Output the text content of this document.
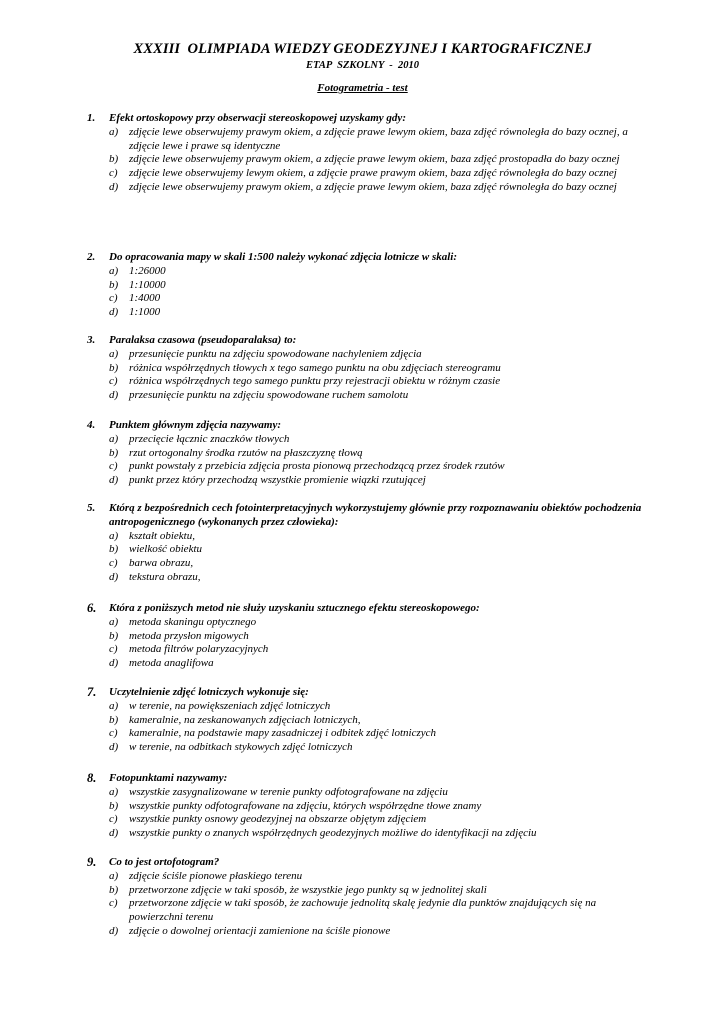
XXXIII  OLIMPIADA WIEDZY GEODEZYJNEJ I KARTOGRAFICZNEJ
ETAP  SZKOLNY  -  2010
Fotogrametria - test
1. Efekt ortoskopowy przy obserwacji stereoskopowej uzyskamy gdy:
a) zdjęcie lewe obserwujemy prawym okiem, a zdjęcie prawe lewym okiem, baza zdjęć równoległa do bazy ocznej, a zdjęcie lewe i prawe są identyczne
b) zdjęcie lewe obserwujemy prawym okiem, a zdjęcie prawe lewym okiem, baza zdjęć prostopadła do bazy ocznej
c) zdjęcie lewe obserwujemy lewym okiem, a zdjęcie prawe prawym okiem, baza zdjęć równoległa do bazy ocznej
d) zdjęcie lewe obserwujemy prawym okiem, a zdjęcie prawe lewym okiem, baza zdjęć równoległa do bazy ocznej
2. Do opracowania mapy w skali 1:500 należy wykonać zdjęcia lotnicze w skali:
a) 1:26000
b) 1:10000
c) 1:4000
d) 1:1000
3. Paralaksa czasowa (pseudoparalaksa) to:
a) przesunięcie punktu na zdjęciu spowodowane nachyleniem zdjęcia
b) różnica współrzędnych tłowych x tego samego punktu na obu zdjęciach stereogramu
c) różnica współrzędnych tego samego punktu przy rejestracji obiektu w różnym czasie
d) przesunięcie punktu na zdjęciu spowodowane ruchem samolotu
4. Punktem głównym zdjęcia nazywamy:
a) przecięcie łącznic znaczków tłowych
b) rzut ortogonalny środka rzutów na płaszczyznę tłową
c) punkt powstały z przebicia zdjęcia prosta pionową przechodzącą przez środek rzutów
d) punkt przez który przechodzą wszystkie promienie wiązki rzutującej
5. Którą z bezpośrednich cech fotointerpretacyjnych wykorzystujemy głównie przy rozpoznawaniu obiektów pochodzenia antropogenicznego (wykonanych przez człowieka):
a) kształt obiektu,
b) wielkość obiektu
c) barwa obrazu,
d) tekstura obrazu,
6. Która z poniższych metod nie służy uzyskaniu sztucznego efektu stereoskopowego:
a) metoda skaningu optycznego
b) metoda przysłon migowych
c) metoda filtrów polaryzacyjnych
d) metoda anaglifowa
7. Uczytelnienie zdjęć lotniczych wykonuje się:
a) w terenie, na powiększeniach zdjęć lotniczych
b) kameralnie, na zeskanowanych zdjęciach lotniczych,
c) kameralnie, na podstawie mapy zasadniczej i odbitek zdjęć lotniczych
d) w terenie, na odbitkach stykowych zdjęć lotniczych
8. Fotopunktami nazywamy:
a) wszystkie zasygnalizowane w terenie punkty odfotografowane na zdjęciu
b) wszystkie punkty odfotografowane na zdjęciu, których współrzędne tłowe znamy
c) wszystkie punkty osnowy geodezyjnej na obszarze objętym zdjęciem
d) wszystkie punkty o znanych współrzędnych geodezyjnych możliwe do identyfikacji na zdjęciu
9. Co to jest ortofotogram?
a) zdjęcie ściśle pionowe płaskiego terenu
b) przetworzone zdjęcie w taki sposób, że wszystkie jego punkty są w jednolitej skali
c) przetworzone zdjęcie w taki sposób, że zachowuje jednolitą skalę jedynie dla punktów znajdujących się na powierzchni terenu
d) zdjęcie o dowolnej orientacji zamienione na ściśle pionowe
